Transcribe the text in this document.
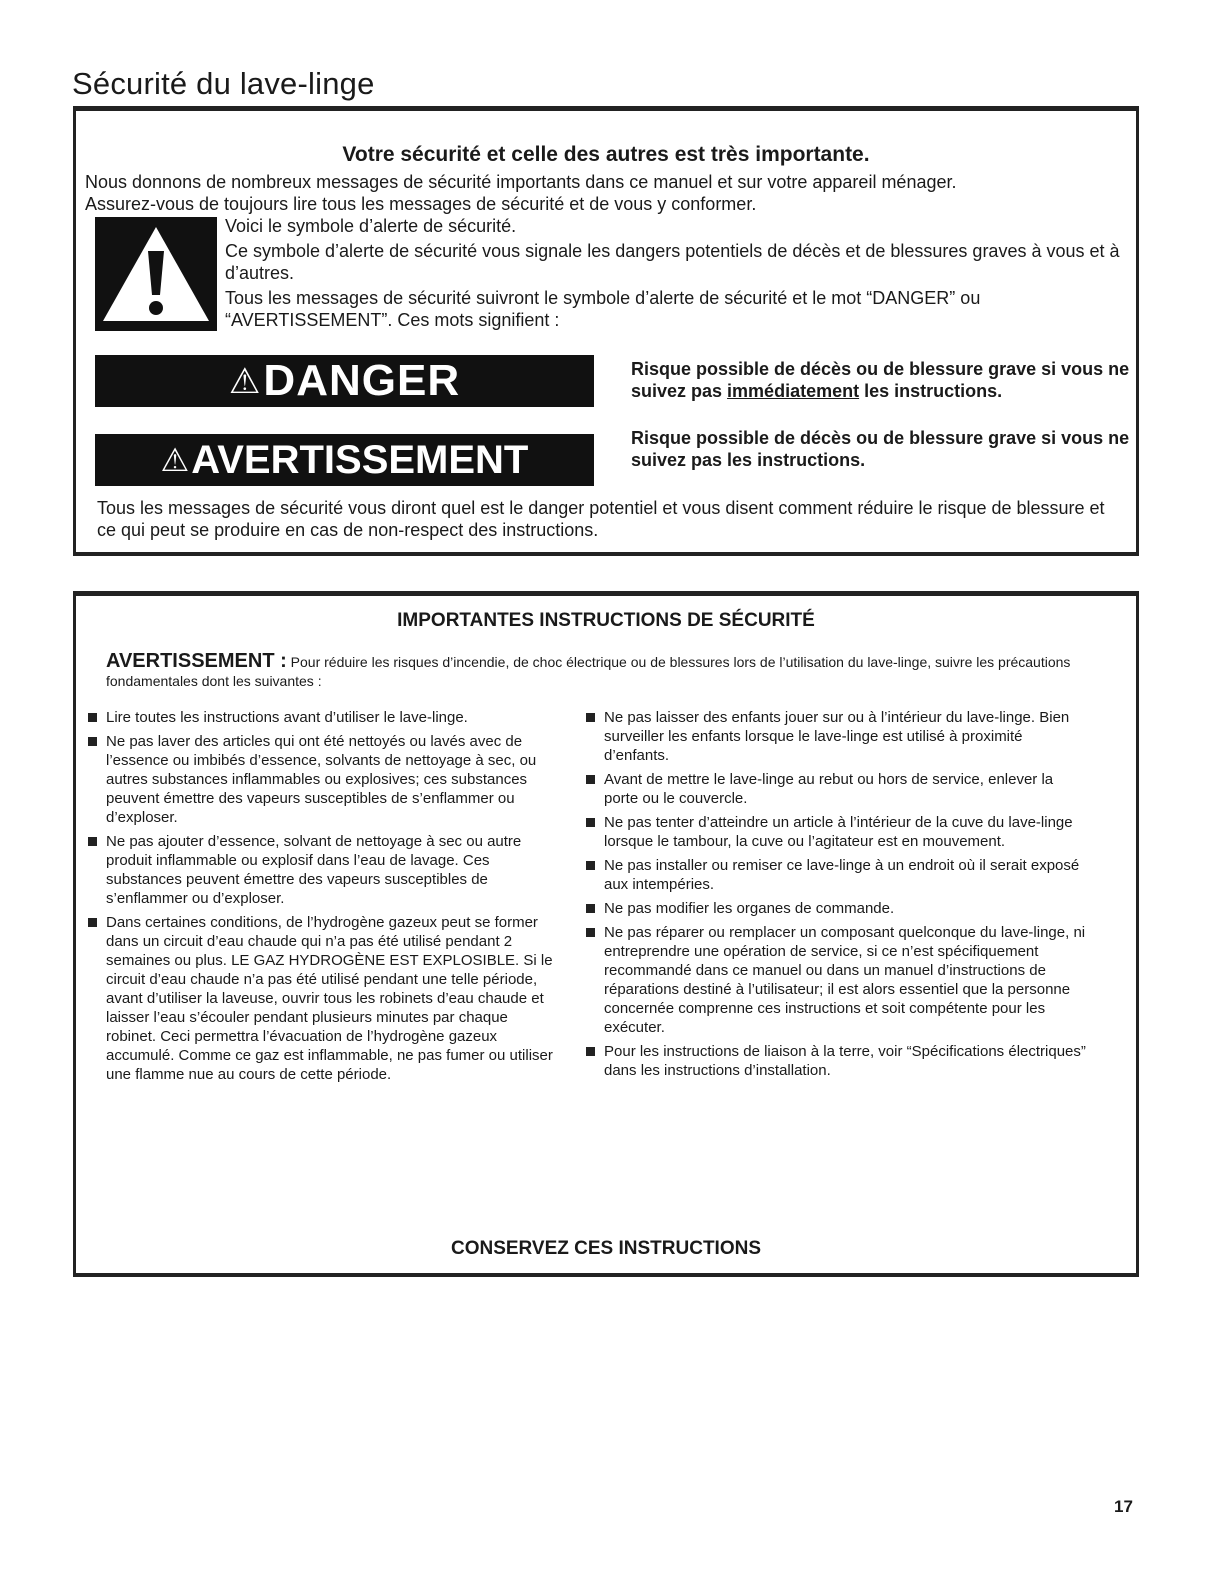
Sécurité du lave-linge
Votre sécurité et celle des autres est très importante.
Nous donnons de nombreux messages de sécurité importants dans ce manuel et sur votre appareil ménager.
Assurez-vous de toujours lire tous les messages de sécurité et de vous y conformer.

Voici le symbole d’alerte de sécurité.

Ce symbole d’alerte de sécurité vous signale les dangers potentiels de décès et de blessures graves à vous et à d’autres.

Tous les messages de sécurité suivront le symbole d’alerte de sécurité et le mot “DANGER” ou “AVERTISSEMENT”. Ces mots signifient :

⚠ DANGER	Risque possible de décès ou de blessure grave si vous ne suivez pas immédiatement les instructions.
⚠ AVERTISSEMENT	Risque possible de décès ou de blessure grave si vous ne suivez pas les instructions.
Tous les messages de sécurité vous diront quel est le danger potentiel et vous disent comment réduire le risque de blessure et ce qui peut se produire en cas de non-respect des instructions.
IMPORTANTES INSTRUCTIONS DE SÉCURITÉ
AVERTISSEMENT : Pour réduire les risques d’incendie, de choc électrique ou de blessures lors de l’utilisation du lave-linge, suivre les précautions fondamentales dont les suivantes :
Lire toutes les instructions avant d’utiliser le lave-linge.
Ne pas laver des articles qui ont été nettoyés ou lavés avec de l’essence ou imbibés d’essence, solvants de nettoyage à sec, ou autres substances inflammables ou explosives; ces substances peuvent émettre des vapeurs susceptibles de s’enflammer ou d’exploser.
Ne pas ajouter d’essence, solvant de nettoyage à sec ou autre produit inflammable ou explosif dans l’eau de lavage. Ces substances peuvent émettre des vapeurs susceptibles de s’enflammer ou d’exploser.
Dans certaines conditions, de l’hydrogène gazeux peut se former dans un circuit d’eau chaude qui n’a pas été utilisé pendant 2 semaines ou plus. LE GAZ HYDROGÈNE EST EXPLOSIBLE. Si le circuit d’eau chaude n’a pas été utilisé pendant une telle période, avant d’utiliser la laveuse, ouvrir tous les robinets d’eau chaude et laisser l’eau s’écouler pendant plusieurs minutes par chaque robinet. Ceci permettra l’évacuation de l’hydrogène gazeux accumulé. Comme ce gaz est inflammable, ne pas fumer ou utiliser une flamme nue au cours de cette période.
Ne pas laisser des enfants jouer sur ou à l’intérieur du lave-linge. Bien surveiller les enfants lorsque le lave-linge est utilisé à proximité d’enfants.
Avant de mettre le lave-linge au rebut ou hors de service, enlever la porte ou le couvercle.
Ne pas tenter d’atteindre un article à l’intérieur de la cuve du lave-linge lorsque le tambour, la cuve ou l’agitateur est en mouvement.
Ne pas installer ou remiser ce lave-linge à un endroit où il serait exposé aux intempéries.
Ne pas modifier les organes de commande.
Ne pas réparer ou remplacer un composant quelconque du lave-linge, ni entreprendre une opération de service, si ce n’est spécifiquement recommandé dans ce manuel ou dans un manuel d’instructions de réparations destiné à l’utilisateur; il est alors essentiel que la personne concernée comprenne ces instructions et soit compétente pour les exécuter.
Pour les instructions de liaison à la terre, voir “Spécifications électriques” dans les instructions d’installation.
CONSERVEZ CES INSTRUCTIONS
17
